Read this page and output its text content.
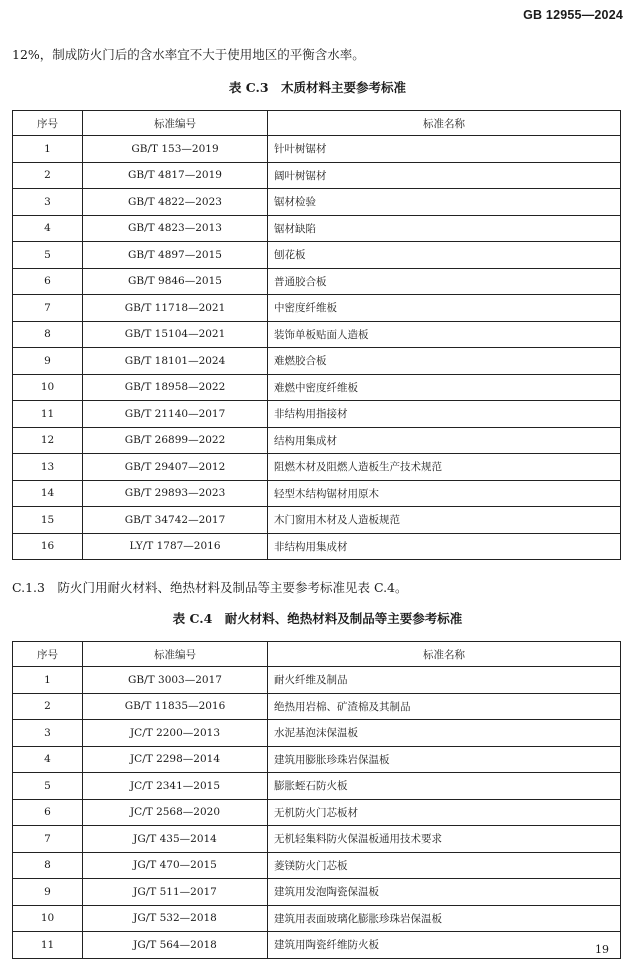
GB 12955—2024
12%，制成防火门后的含水率宜不大于使用地区的平衡含水率。
表 C.3　木质材料主要参考标准
序号	标准编号	标准名称
1	GB/T 153—2019	针叶树锯材
2	GB/T 4817—2019	阔叶树锯材
3	GB/T 4822—2023	锯材检验
4	GB/T 4823—2013	锯材缺陷
5	GB/T 4897—2015	刨花板
6	GB/T 9846—2015	普通胶合板
7	GB/T 11718—2021	中密度纤维板
8	GB/T 15104—2021	装饰单板贴面人造板
9	GB/T 18101—2024	难燃胶合板
10	GB/T 18958—2022	难燃中密度纤维板
11	GB/T 21140—2017	非结构用指接材
12	GB/T 26899—2022	结构用集成材
13	GB/T 29407—2012	阻燃木材及阻燃人造板生产技术规范
14	GB/T 29893—2023	轻型木结构锯材用原木
15	GB/T 34742—2017	木门窗用木材及人造板规范
16	LY/T 1787—2016	非结构用集成材
C.1.3　防火门用耐火材料、绝热材料及制品等主要参考标准见表 C.4。
表 C.4　耐火材料、绝热材料及制品等主要参考标准
序号	标准编号	标准名称
1	GB/T 3003—2017	耐火纤维及制品
2	GB/T 11835—2016	绝热用岩棉、矿渣棉及其制品
3	JC/T 2200—2013	水泥基泡沫保温板
4	JC/T 2298—2014	建筑用膨胀珍珠岩保温板
5	JC/T 2341—2015	膨胀蛭石防火板
6	JC/T 2568—2020	无机防火门芯板材
7	JG/T 435—2014	无机轻集料防火保温板通用技术要求
8	JG/T 470—2015	菱镁防火门芯板
9	JG/T 511—2017	建筑用发泡陶瓷保温板
10	JG/T 532—2018	建筑用表面玻璃化膨胀珍珠岩保温板
11	JG/T 564—2018	建筑用陶瓷纤维防火板	19
